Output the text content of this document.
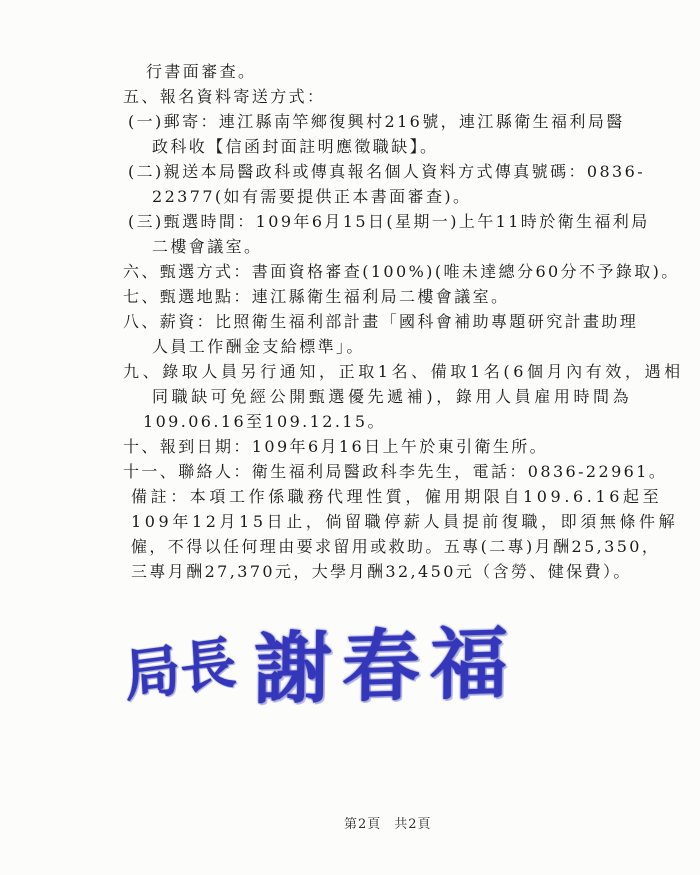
行書面審查。
五、報名資料寄送方式：
(一)郵寄：連江縣南竿鄉復興村216號，連江縣衛生福利局醫
政科收【信函封面註明應徵職缺】。
(二)親送本局醫政科或傳真報名個人資料方式傳真號碼：0836-
22377(如有需要提供正本書面審查)。
(三)甄選時間：109年6月15日(星期一)上午11時於衛生福利局
二樓會議室。
六、甄選方式：書面資格審查(100%)(唯未達總分60分不予錄取)。
七、甄選地點：連江縣衛生福利局二樓會議室。
八、薪資：比照衛生福利部計畫「國科會補助專題研究計畫助理
人員工作酬金支給標準」。
九、錄取人員另行通知，正取1名、備取1名(6個月內有效，遇相
同職缺可免經公開甄選優先遞補)，錄用人員雇用時間為
109.06.16至109.12.15。
十、報到日期：109年6月16日上午於東引衛生所。
十一、聯絡人：衛生福利局醫政科李先生，電話：0836-22961。
備註：本項工作係職務代理性質，僱用期限自109.6.16起至
109年12月15日止，倘留職停薪人員提前復職，即須無條件解
僱，不得以任何理由要求留用或救助。五專(二專)月酬25,350，
三專月酬27,370元，大學月酬32,450元（含勞、健保費）。
局長 謝春福
第2頁 共2頁
